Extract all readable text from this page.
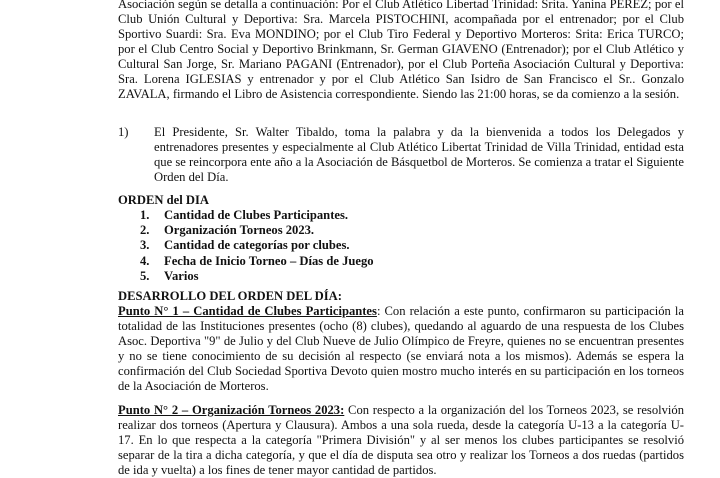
Asociación según se detalla a continuación: Por el Club Atlético Libertad Trinidad: Srita. Yanina PEREZ; por el Club Unión Cultural y Deportiva: Sra. Marcela PISTOCHINI, acompañada por el entrenador; por el Club Sportivo Suardi: Sra. Eva MONDINO; por el Club Tiro Federal y Deportivo Morteros: Srita: Erica TURCO; por el Club Centro Social y Deportivo Brinkmann, Sr. German GIAVENO (Entrenador); por el Club Atlético y Cultural San Jorge, Sr. Mariano PAGANI (Entrenador), por el Club Porteña Asociación Cultural y Deportiva: Sra. Lorena IGLESIAS y entrenador y por el Club Atlético San Isidro de San Francisco el Sr.. Gonzalo ZAVALA, firmando el Libro de Asistencia correspondiente. Siendo las 21:00 horas, se da comienzo a la sesión.
1) El Presidente, Sr. Walter Tibaldo, toma la palabra y da la bienvenida a todos los Delegados y entrenadores presentes y especialmente al Club Atlético Libertat Trinidad de Villa Trinidad, entidad esta que se reincorpora ente año a la Asociación de Básquetbol de Morteros. Se comienza a tratar el Siguiente Orden del Día.
ORDEN del DIA
1.	Cantidad de Clubes Participantes.
2.	Organización Torneos 2023.
3.	Cantidad de categorías por clubes.
4.	Fecha de Inicio Torneo – Días de Juego
5.	Varios
DESARROLLO DEL ORDEN DEL DÍA:
Punto N° 1 – Cantidad de Clubes Participantes: Con relación a este punto, confirmaron su participación la totalidad de las Instituciones presentes (ocho (8) clubes), quedando al aguardo de una respuesta de los Clubes Asoc. Deportiva "9" de Julio y del Club Nueve de Julio Olímpico de Freyre, quienes no se encuentran presentes y no se tiene conocimiento de su decisión al respecto (se enviará nota a los mismos). Además se espera la confirmación del Club Sociedad Sportiva Devoto quien mostro mucho interés en su participación en los torneos de la Asociación de Morteros.
Punto N° 2 – Organización Torneos 2023: Con respecto a la organización del los Torneos 2023, se resolvión realizar dos torneos (Apertura y Clausura). Ambos a una sola rueda, desde la categoría U-13 a la categoría U-17. En lo que respecta a la categoría "Primera División" y al ser menos los clubes participantes se resolvió separar de la tira a dicha categoría, y que el día de disputa sea otro y realizar los Torneos a dos ruedas (partidos de ida y vuelta) a los fines de tener mayor cantidad de partidos.
